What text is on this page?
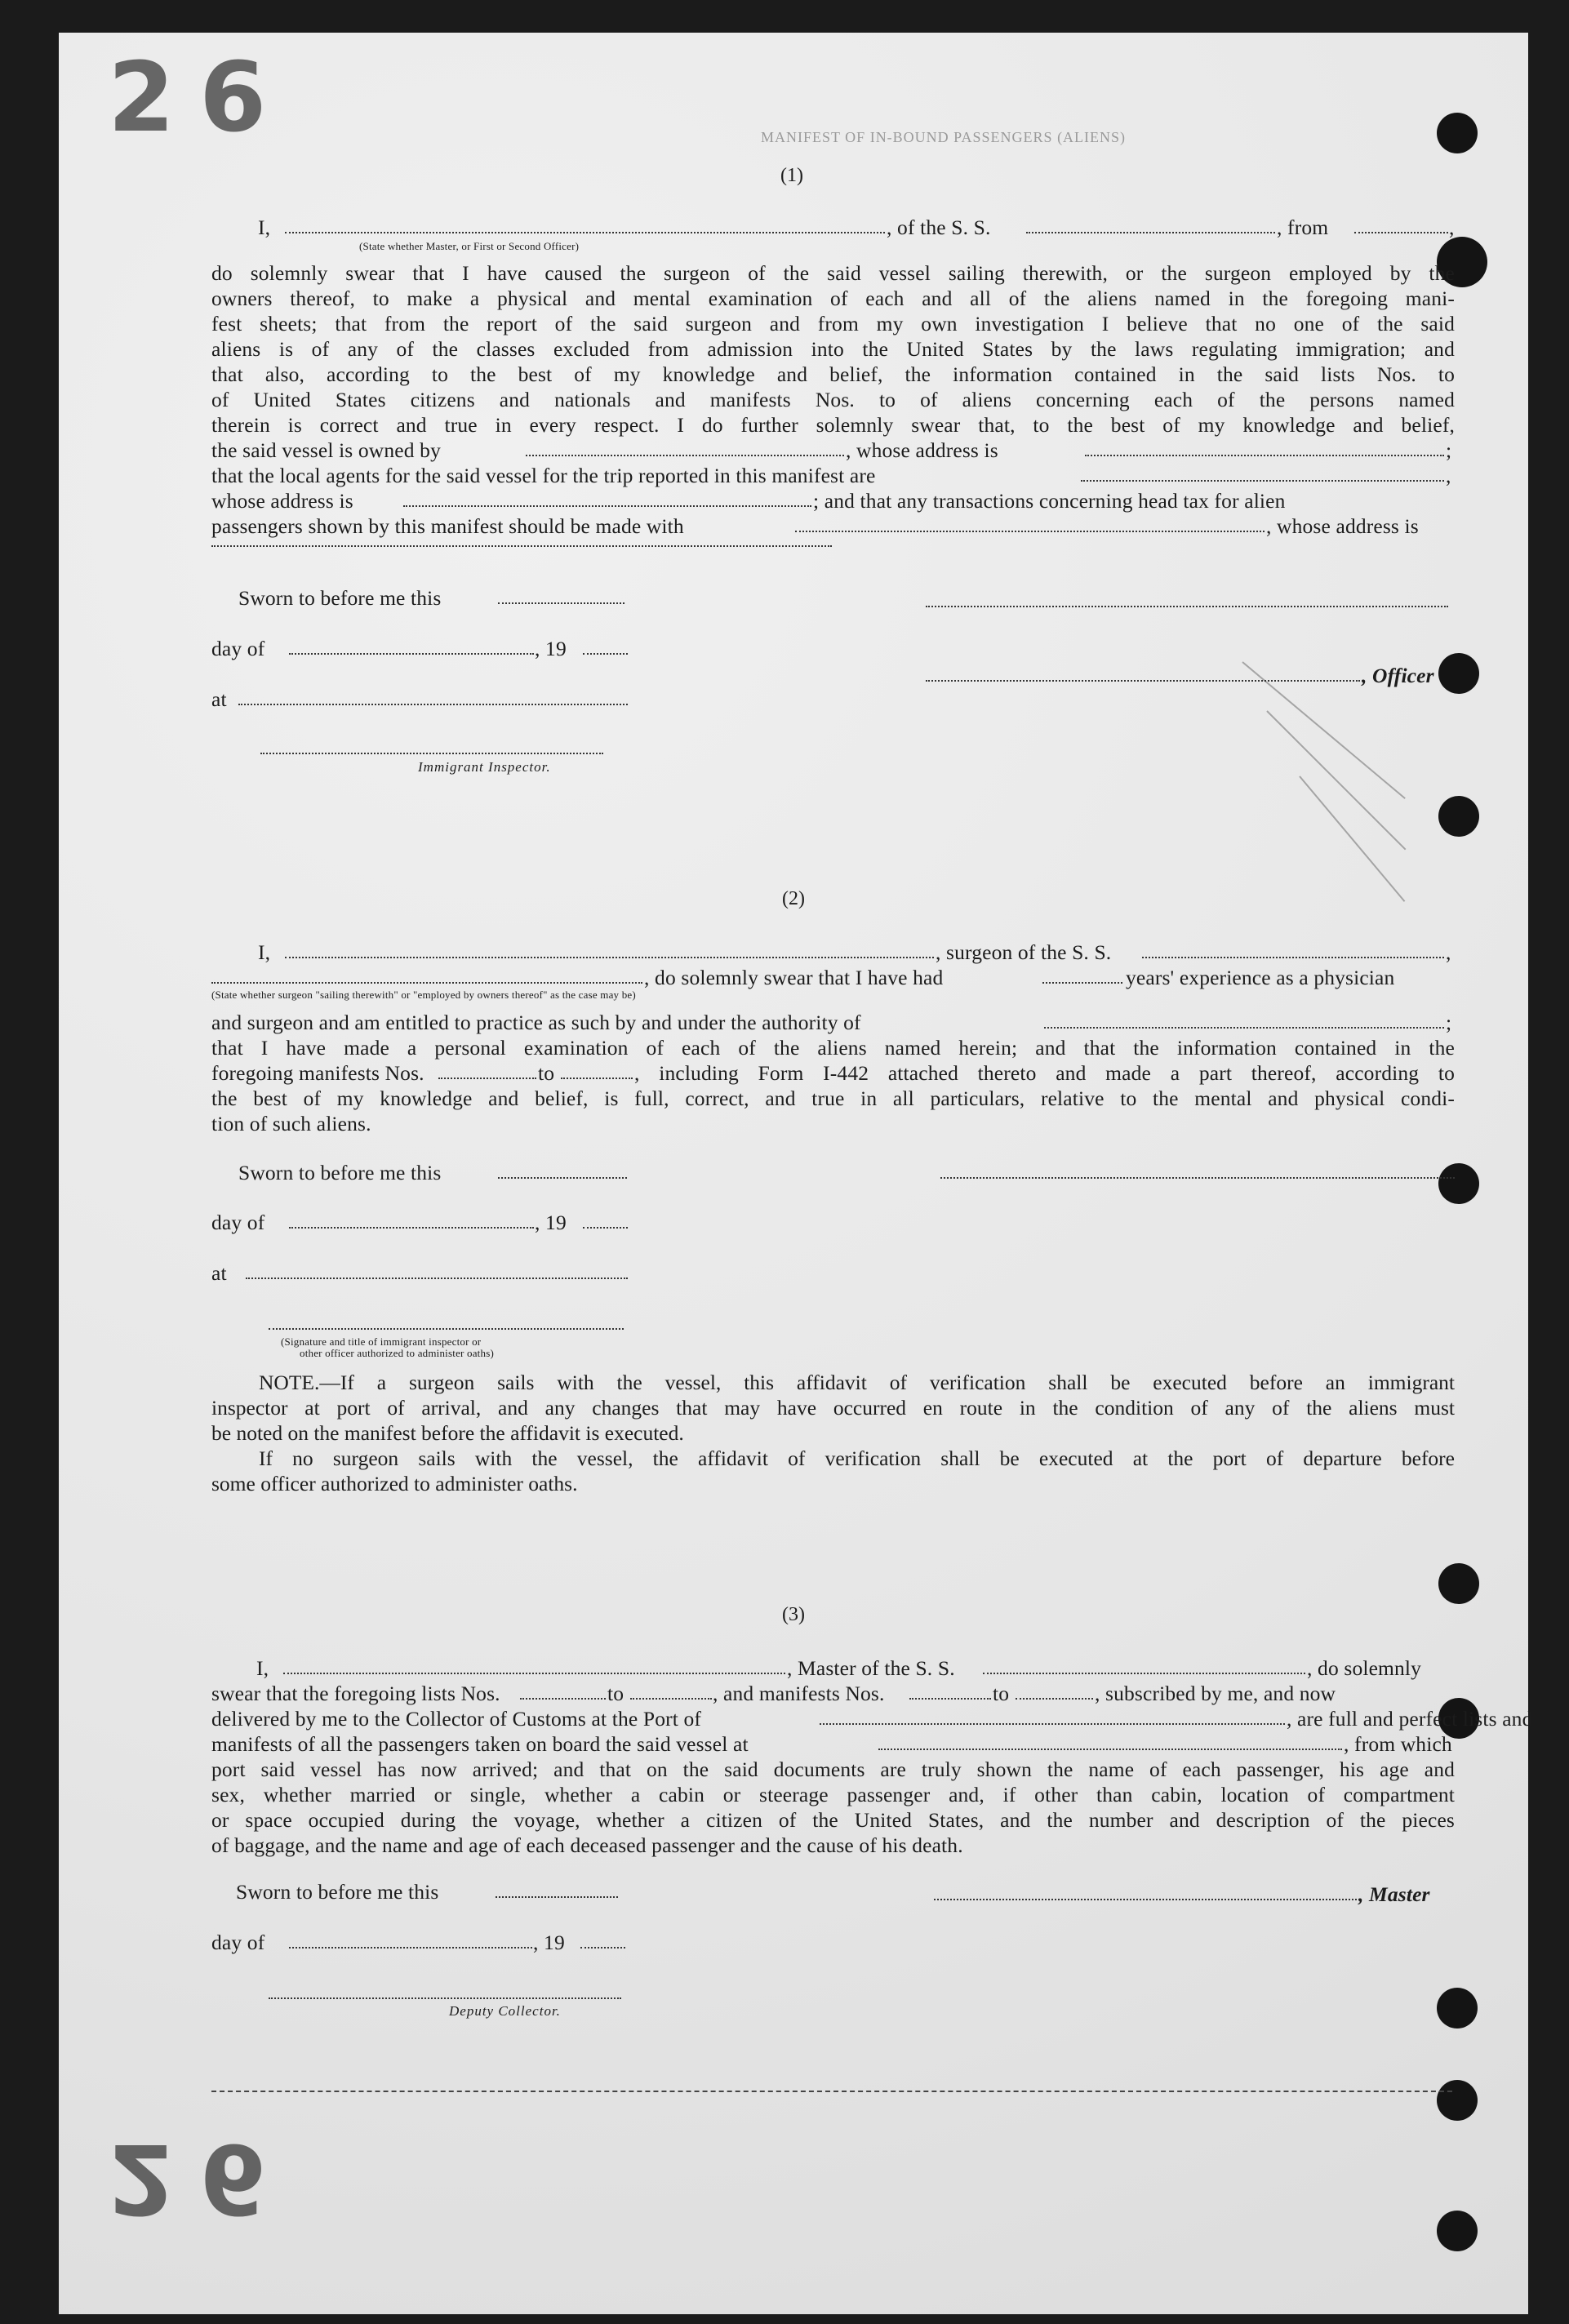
26
26
MANIFEST OF IN-BOUND PASSENGERS (ALIENS)
(1)
I,	, of the S. S.	, from	,
(State whether Master, or First or Second Officer)
do solemnly swear that I have caused the surgeon of the said vessel sailing therewith, or the surgeon employed by the
owners thereof, to make a physical and mental examination of each and all of the aliens named in the foregoing mani-
fest sheets; that from the report of the said surgeon and from my own investigation I believe that no one of the said
aliens is of any of the classes excluded from admission into the United States by the laws regulating immigration; and
that also, according to the best of my knowledge and belief, the information contained in the said lists Nos. to
of United States citizens and nationals and manifests Nos. to of aliens concerning each of the persons named
therein is correct and true in every respect. I do further solemnly swear that, to the best of my knowledge and belief,
the said vessel is owned by	, whose address is	;
that the local agents for the said vessel for the trip reported in this manifest are	,
whose address is	; and that any transactions concerning head tax for alien
passengers shown by this manifest should be made with	, whose address is
Sworn to before me this
day of	, 19
, Officer
at
Immigrant Inspector.
(2)
I,	, surgeon of the S. S.	,
, do solemnly swear that I have had	years' experience as a physician
(State whether surgeon "sailing therewith" or "employed by owners thereof" as the case may be)
and surgeon and am entitled to practice as such by and under the authority of	;
that I have made a personal examination of each of the aliens named herein; and that the information contained in the
foregoing manifests Nos.	to	, including Form I-442 attached thereto and made a part thereof, according to
the best of my knowledge and belief, is full, correct, and true in all particulars, relative to the mental and physical condi-
tion of such aliens.
Sworn to before me this
day of	, 19
at
(Signature and title of immigrant inspector or
other officer authorized to administer oaths)
NOTE.—If a surgeon sails with the vessel, this affidavit of verification shall be executed before an immigrant
inspector at port of arrival, and any changes that may have occurred en route in the condition of any of the aliens must
be noted on the manifest before the affidavit is executed.
If no surgeon sails with the vessel, the affidavit of verification shall be executed at the port of departure before
some officer authorized to administer oaths.
(3)
I,	, Master of the S. S.	, do solemnly
swear that the foregoing lists Nos.	to	, and manifests Nos.	to	, subscribed by me, and now
delivered by me to the Collector of Customs at the Port of	, are full and perfect lists and
manifests of all the passengers taken on board the said vessel at	, from which
port said vessel has now arrived; and that on the said documents are truly shown the name of each passenger, his age and
sex, whether married or single, whether a cabin or steerage passenger and, if other than cabin, location of compartment
or space occupied during the voyage, whether a citizen of the United States, and the number and description of the pieces
of baggage, and the name and age of each deceased passenger and the cause of his death.
Sworn to before me this	, Master
day of	, 19
Deputy Collector.
